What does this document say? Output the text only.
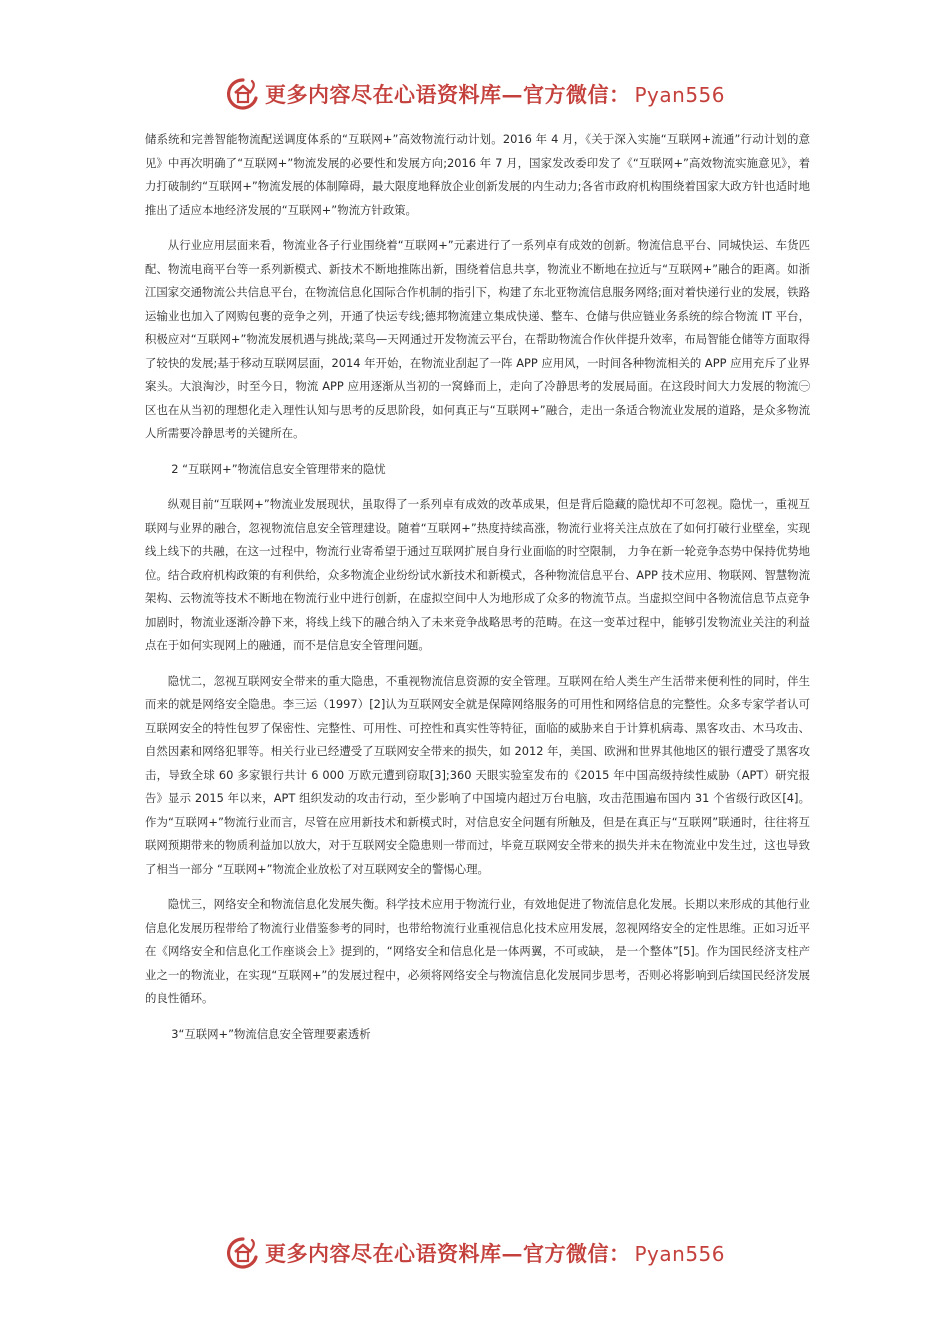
更多内容尽在心语资料库—官方微信： Pyan556

储系统和完善智能物流配送调度体系的“互联网+”高效物流行动计划。2016 年 4 月，《关于深入实施“互联网+流通”行动计划的意见》中再次明确了“互联网+”物流发展的必要性和发展方向;2016 年 7 月，国家发改委印发了《“互联网+”高效物流实施意见》，着力打破制约“互联网+”物流发展的体制障碍，最大限度地释放企业创新发展的内生动力;各省市政府机构围绕着国家大政方针也适时地推出了适应本地经济发展的“互联网+”物流方针政策。

从行业应用层面来看，物流业各子行业围绕着“互联网+”元素进行了一系列卓有成效的创新。物流信息平台、同城快运、车货匹配、物流电商平台等一系列新模式、新技术不断地推陈出新，围绕着信息共享，物流业不断地在拉近与“互联网+”融合的距离。如浙江国家交通物流公共信息平台，在物流信息化国际合作机制的指引下，构建了东北亚物流信息服务网络;面对着快递行业的发展，铁路运输业也加入了网购包裹的竞争之列，开通了快运专线;德邦物流建立集成快递、整车、仓储与供应链业务系统的综合物流 IT 平台，积极应对“互联网+”物流发展机遇与挑战;菜鸟—天网通过开发物流云平台，在帮助物流合作伙伴提升效率，布局智能仓储等方面取得了较快的发展;基于移动互联网层面，2014 年开始，在物流业刮起了一阵 APP 应用风，一时间各种物流相关的 APP 应用充斥了业界案头。大浪淘沙，时至今日，物流 APP 应用逐渐从当初的一窝蜂而上，走向了冷静思考的发展局面。在这段时间大力发展的物流㊀区也在从当初的理想化走入理性认知与思考的反思阶段，如何真正与“互联网+”融合，走出一条适合物流业发展的道路，是众多物流人所需要冷静思考的关键所在。

2 “互联网+”物流信息安全管理带来的隐忧

纵观目前“互联网+”物流业发展现状，虽取得了一系列卓有成效的改革成果，但是背后隐藏的隐忧却不可忽视。隐忧一，重视互联网与业界的融合，忽视物流信息安全管理建设。随着“互联网+”热度持续高涨，物流行业将关注点放在了如何打破行业壁垒，实现线上线下的共融，在这一过程中，物流行业寄希望于通过互联网扩展自身行业面临的时空限制， 力争在新一轮竞争态势中保持优势地位。结合政府机构政策的有利供给，众多物流企业纷纷试水新技术和新模式，各种物流信息平台、APP 技术应用、物联网、智慧物流架构、云物流等技术不断地在物流行业中进行创新，在虚拟空间中人为地形成了众多的物流节点。当虚拟空间中各物流信息节点竞争加剧时，物流业逐渐冷静下来，将线上线下的融合纳入了未来竞争战略思考的范畴。在这一变革过程中，能够引发物流业关注的利益点在于如何实现网上的融通，而不是信息安全管理问题。

隐忧二，忽视互联网安全带来的重大隐患，不重视物流信息资源的安全管理。互联网在给人类生产生活带来便利性的同时，伴生而来的就是网络安全隐患。李三运（1997）[2]认为互联网安全就是保障网络服务的可用性和网络信息的完整性。众多专家学者认可互联网安全的特性包罗了保密性、完整性、可用性、可控性和真实性等特征，面临的威胁来自于计算机病毒、黑客攻击、木马攻击、自然因素和网络犯罪等。相关行业已经遭受了互联网安全带来的损失，如 2012 年，美国、欧洲和世界其他地区的银行遭受了黑客攻击，导致全球 60 多家银行共计 6 000 万欧元遭到窃取[3];360 天眼实验室发布的《2015 年中国高级持续性威胁（APT）研究报告》显示 2015 年以来，APT 组织发动的攻击行动，至少影响了中国境内超过万台电脑，攻击范围遍布国内 31 个省级行政区[4]。作为“互联网+”物流行业而言，尽管在应用新技术和新模式时，对信息安全问题有所触及，但是在真正与“互联网”联通时，往往将互联网预期带来的物质利益加以放大，对于互联网安全隐患则一带而过，毕竟互联网安全带来的损失并未在物流业中发生过，这也导致了相当一部分 “互联网+”物流企业放松了对互联网安全的警惕心理。

隐忧三，网络安全和物流信息化发展失衡。科学技术应用于物流行业，有效地促进了物流信息化发展。长期以来形成的其他行业信息化发展历程带给了物流行业借鉴参考的同时，也带给物流行业重视信息化技术应用发展，忽视网络安全的定性思维。正如习近平在《网络安全和信息化工作座谈会上》提到的，“网络安全和信息化是一体两翼，不可或缺， 是一个整体”[5]。作为国民经济支柱产业之一的物流业，在实现“互联网+”的发展过程中，必须将网络安全与物流信息化发展同步思考，否则必将影响到后续国民经济发展的良性循环。

3“互联网+”物流信息安全管理要素透析
更多内容尽在心语资料库—官方微信： Pyan556
